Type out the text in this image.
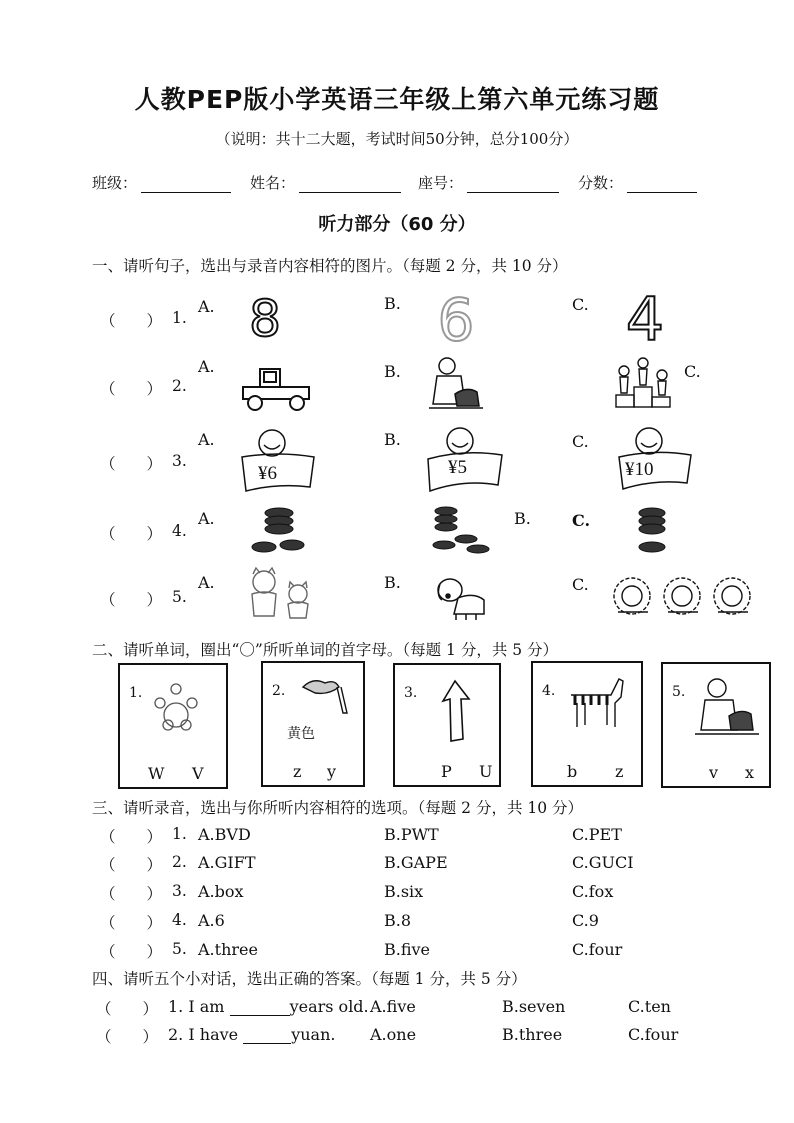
人教PEP版小学英语三年级上第六单元练习题
（说明：共十二大题，考试时间50分钟，总分100分）
班级：	姓名：	座号：	分数：
听力部分（60 分）
一、请听句子，选出与录音内容相符的图片。（每题 2 分，共 10 分）
（　　） 1.
A.	B.	C.
8	6	4
（　　） 2.
A.	B.	C.
（　　） 3.
A.	B.	C.
¥6	¥5	¥10
（　　） 4.
A.	B.	C.
（　　） 5.
A.	B.	C.
二、请听单词，圈出“〇”所听单词的首字母。（每题 1 分，共 5 分）
1.
W V
2.
黄色
z y
3.
P U
4.
b z
5.
v x
三、请听录音，选出与你所听内容相符的选项。（每题 2 分，共 10 分）
（　　） 1. A.BVD	B.PWT	C.PET
（　　） 2. A.GIFT	B.GAPE	C.GUCI
（　　） 3. A.box	B.six	C.fox
（　　） 4. A.6	B.8	C.9
（　　） 5. A.three	B.five	C.four
四、请听五个小对话，选出正确的答案。（每题 1 分，共 5 分）
（　　） 1. I am	years old. A.five	B.seven	C.ten
（　　） 2. I have	yuan. A.one	B.three	C.four
